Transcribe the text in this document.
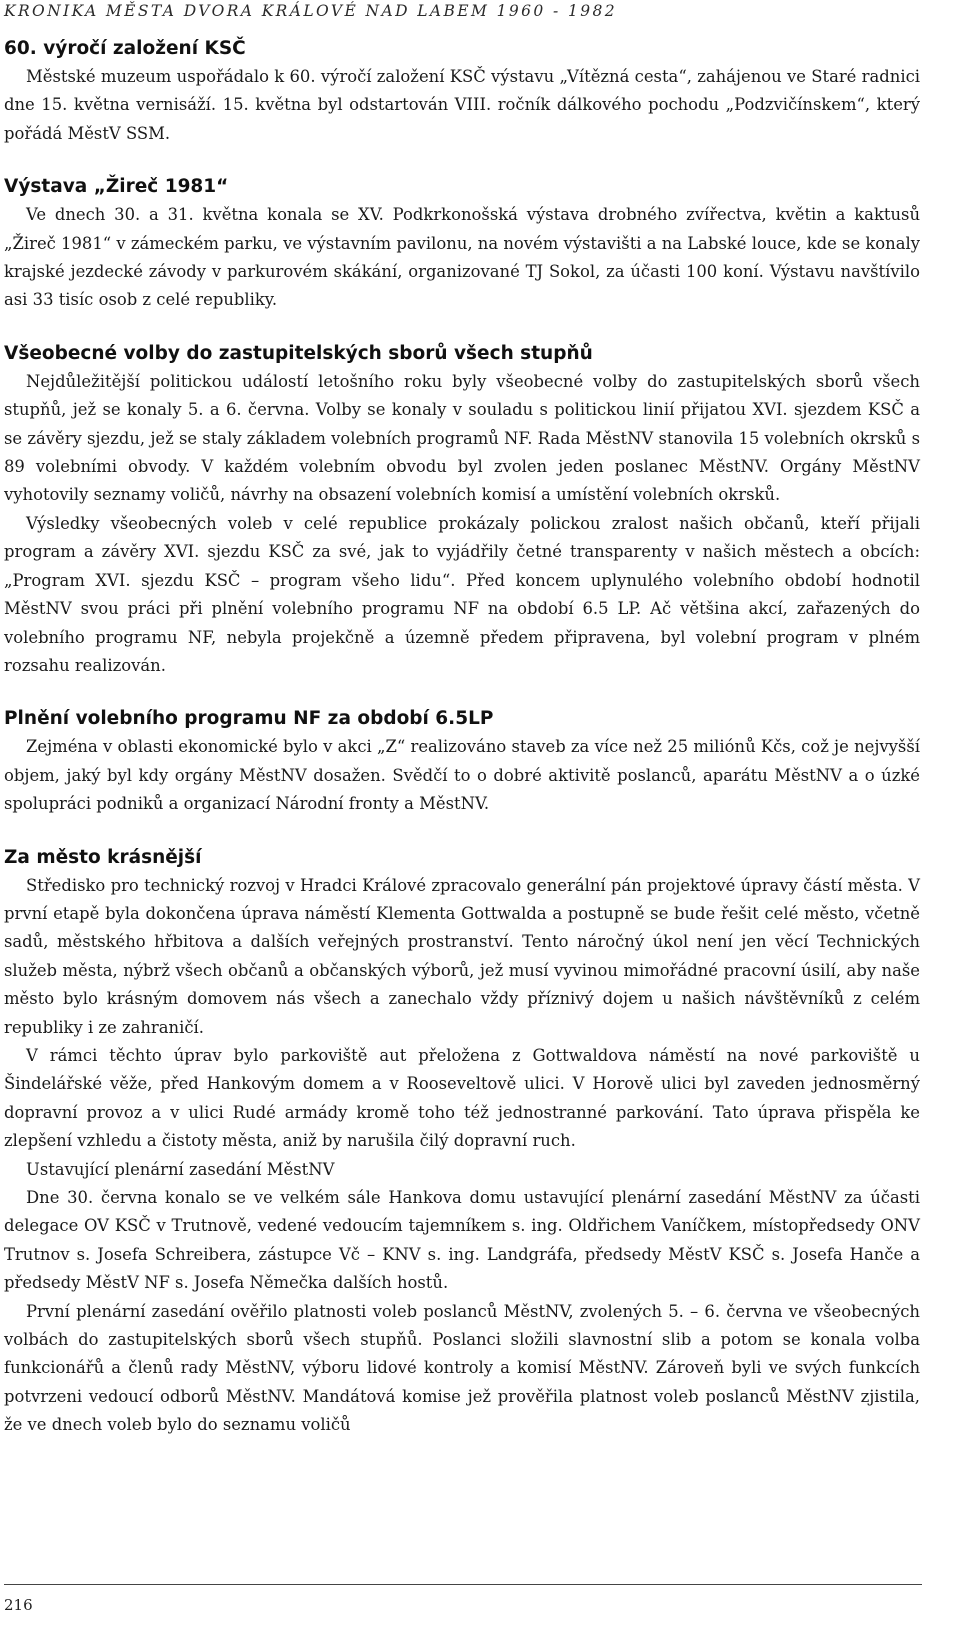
KRONIKA MĚSTA DVORA KRÁLOVÉ NAD LABEM 1960 - 1982
60. výročí založení KSČ

Městské muzeum uspořádalo k 60. výročí založení KSČ výstavu „Vítězná cesta“, zahájenou ve Staré radnici dne 15. května vernisáží. 15. května byl odstartován VIII. ročník dálkového pochodu „Podzvičínskem“, který pořádá MěstV SSM.

Výstava „Žireč 1981“

Ve dnech 30. a 31. května konala se XV. Podkrkonošská výstava drobného zvířectva, květin a kaktusů „Žireč 1981“ v zámeckém parku, ve výstavním pavilonu, na novém výstavišti a na Labské louce, kde se konaly krajské jezdecké závody v parkurovém skákání, organizované TJ Sokol, za účasti 100 koní. Výstavu navštívilo asi 33 tisíc osob z celé republiky.

Všeobecné volby do zastupitelských sborů všech stupňů

Nejdůležitější politickou událostí letošního roku byly všeobecné volby do zastupitelských sborů všech stupňů, jež se konaly 5. a 6. června. Volby se konaly v souladu s politickou linií přijatou XVI. sjezdem KSČ a se závěry sjezdu, jež se staly základem volebních programů NF. Rada MěstNV stanovila 15 volebních okrsků s 89 volebními obvody. V každém volebním obvodu byl zvolen jeden poslanec MěstNV. Orgány MěstNV vyhotovily seznamy voličů, návrhy na obsazení volebních komisí a umístění volebních okrsků.

Výsledky všeobecných voleb v celé republice prokázaly polickou zralost našich občanů, kteří přijali program a závěry XVI. sjezdu KSČ za své, jak to vyjádřily četné transparenty v našich městech a obcích: „Program XVI. sjezdu KSČ – program všeho lidu“. Před koncem uplynulého volebního období hodnotil MěstNV svou práci při plnění volebního programu NF na období 6.5 LP. Ač většina akcí, zařazených do volebního programu NF, nebyla projekčně a územně předem připravena, byl volební program v plném rozsahu realizován.

Plnění volebního programu NF za období 6.5LP

Zejména v oblasti ekonomické bylo v akci „Z“ realizováno staveb za více než 25 miliónů Kčs, což je nejvyšší objem, jaký byl kdy orgány MěstNV dosažen. Svědčí to o dobré aktivitě poslanců, aparátu MěstNV a o úzké spolupráci podniků a organizací Národní fronty a MěstNV.

Za město krásnější

Středisko pro technický rozvoj v Hradci Králové zpracovalo generální pán projektové úpravy částí města. V první etapě byla dokončena úprava náměstí Klementa Gottwalda a postupně se bude řešit celé město, včetně sadů, městského hřbitova a dalších veřejných prostranství. Tento náročný úkol není jen věcí Technických služeb města, nýbrž všech občanů a občanských výborů, jež musí vyvinou mimořádné pracovní úsilí, aby naše město bylo krásným domovem nás všech a zanechalo vždy příznivý dojem u našich návštěvníků z celém republiky i ze zahraničí.

V rámci těchto úprav bylo parkoviště aut přeložena z Gottwaldova náměstí na nové parkoviště u Šindelářské věže, před Hankovým domem a v Rooseveltově ulici. V Horově ulici byl zaveden jednosměrný dopravní provoz a v ulici Rudé armády kromě toho též jednostranné parkování. Tato úprava přispěla ke zlepšení vzhledu a čistoty města, aniž by narušila čilý dopravní ruch.

Ustavující plenární zasedání MěstNV

Dne 30. června konalo se ve velkém sále Hankova domu ustavující plenární zasedání MěstNV za účasti delegace OV KSČ v Trutnově, vedené vedoucím tajemníkem s. ing. Oldřichem Vaníčkem, místopředsedy ONV Trutnov s. Josefa Schreibera, zástupce Vč – KNV s. ing. Landgráfa, předsedy MěstV KSČ s. Josefa Hanče a předsedy MěstV NF s. Josefa Němečka dalších hostů.

První plenární zasedání ověřilo platnosti voleb poslanců MěstNV, zvolených 5. – 6. června ve všeobecných volbách do zastupitelských sborů všech stupňů. Poslanci složili slavnostní slib a potom se konala volba funkcionářů a členů rady MěstNV, výboru lidové kontroly a komisí MěstNV. Zároveň byli ve svých funkcích potvrzeni vedoucí odborů MěstNV. Mandátová komise jež prověřila platnost voleb poslanců MěstNV zjistila, že ve dnech voleb bylo do seznamu voličů

216
